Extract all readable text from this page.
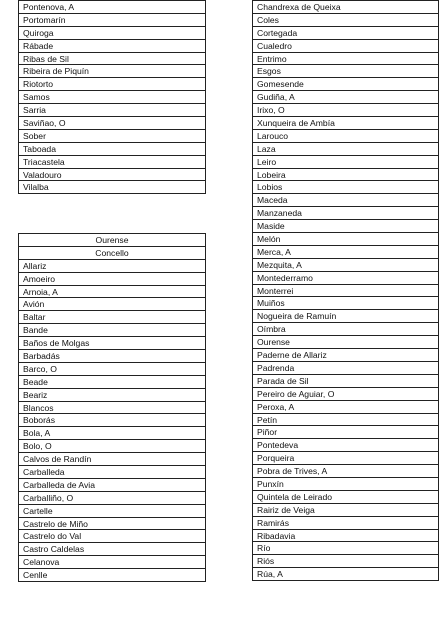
Pontenova, A
Portomarín
Quiroga
Rábade
Ribas de Sil
Ribeira de Piquín
Riotorto
Samos
Sarria
Saviñao, O
Sober
Taboada
Triacastela
Valadouro
Vilalba
Ourense
Concello
Allariz
Amoeiro
Arnoia, A
Avión
Baltar
Bande
Baños de Molgas
Barbadás
Barco, O
Beade
Beariz
Blancos
Boborás
Bola, A
Bolo, O
Calvos de Randín
Carballeda
Carballeda de Avia
Carballiño, O
Cartelle
Castrelo de Miño
Castrelo do Val
Castro Caldelas
Celanova
Cenlle
Chandrexa de Queixa
Coles
Cortegada
Cualedro
Entrimo
Esgos
Gomesende
Gudiña, A
Irixo, O
Xunqueira de Ambía
Larouco
Laza
Leiro
Lobeira
Lobios
Maceda
Manzaneda
Maside
Melón
Merca, A
Mezquita, A
Montederramo
Monterrei
Muiños
Nogueira de Ramuín
Oímbra
Ourense
Paderne de Allariz
Padrenda
Parada de Sil
Pereiro de Aguiar, O
Peroxa, A
Petín
Piñor
Pontedeva
Porqueira
Pobra de Trives, A
Punxín
Quintela de Leirado
Rairiz de Veiga
Ramirás
Ribadavia
Río
Riós
Rúa, A
